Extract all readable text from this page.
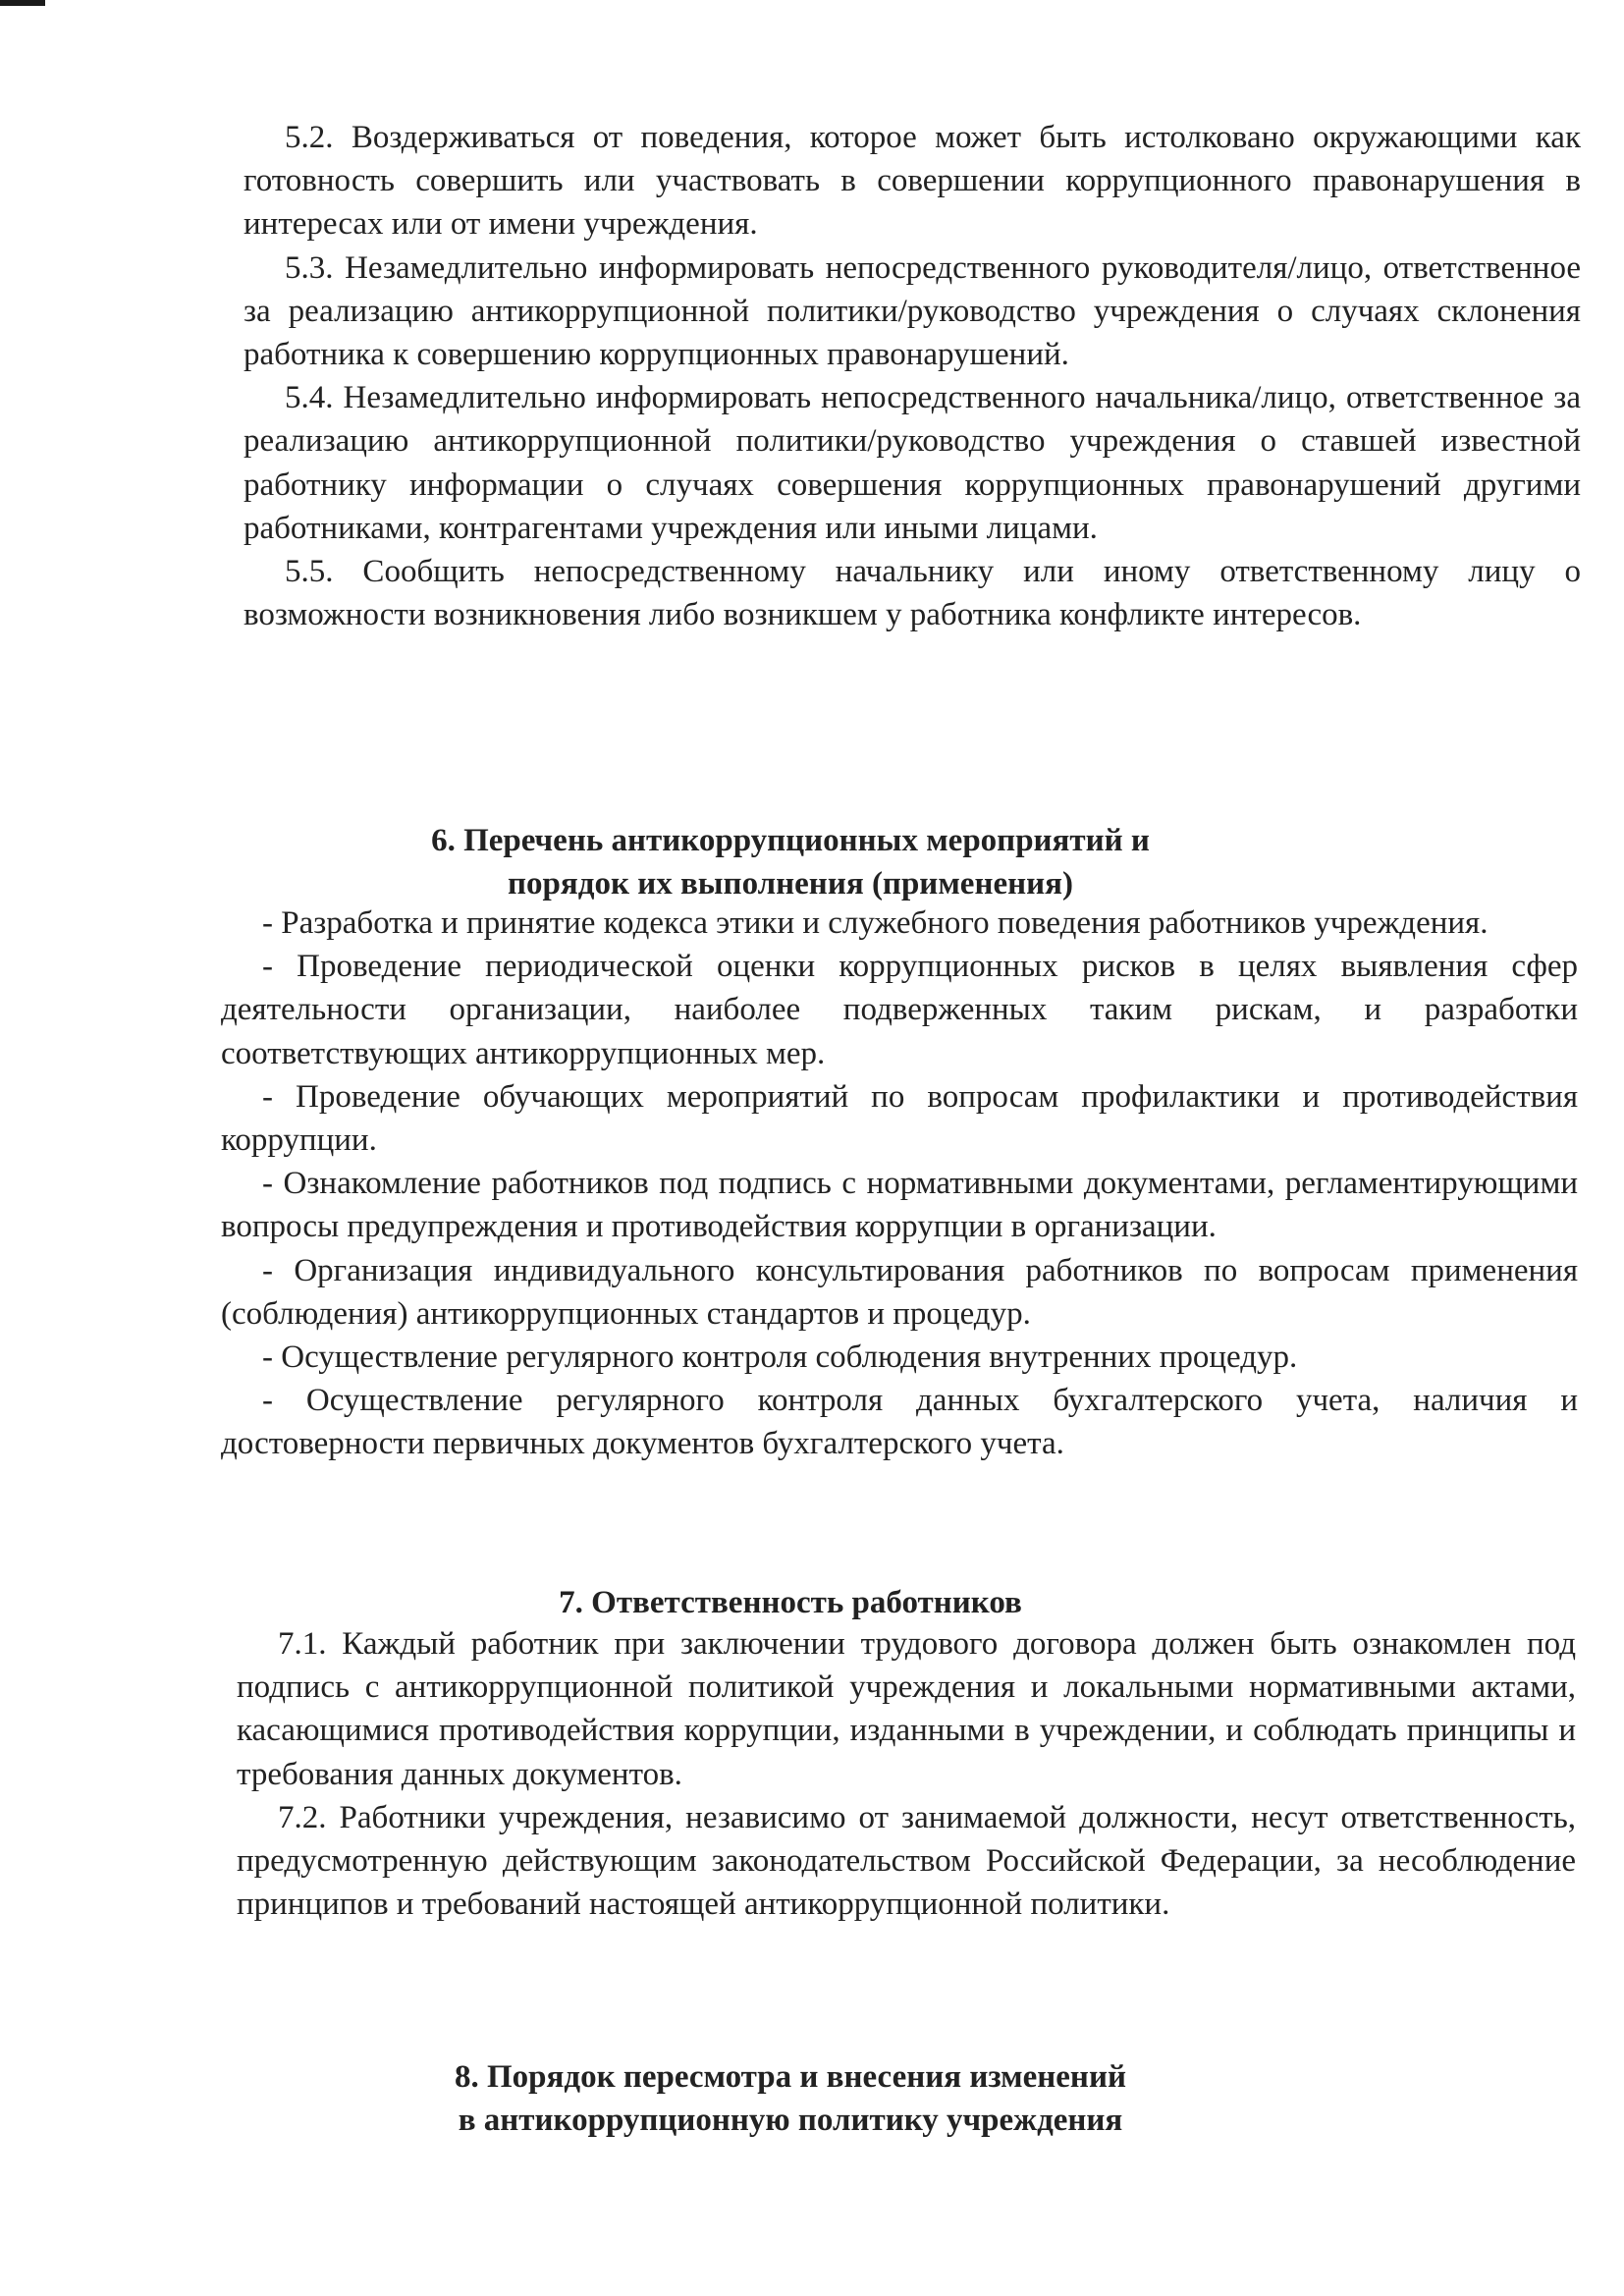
5.2. Воздерживаться от поведения, которое может быть истолковано окружающими как готовность совершить или участвовать в совершении коррупционного правонарушения в интересах или от имени учреждения.

5.3. Незамедлительно информировать непосредственного руководителя/лицо, ответственное за реализацию антикоррупционной политики/руководство учреждения о случаях склонения работника к совершению коррупционных правонарушений.

5.4. Незамедлительно информировать непосредственного начальника/лицо, ответственное за реализацию антикоррупционной политики/руководство учреждения о ставшей известной работнику информации о случаях совершения коррупционных правонарушений другими работниками, контрагентами учреждения или иными лицами.

5.5. Сообщить непосредственному начальнику или иному ответственному лицу о возможности возникновения либо возникшем у работника конфликте интересов.

6. Перечень антикоррупционных мероприятий и
порядок их выполнения (применения)

- Разработка и принятие кодекса этики и служебного поведения работников учреждения.

- Проведение периодической оценки коррупционных рисков в целях выявления сфер деятельности организации, наиболее подверженных таким рискам, и разработки соответствующих антикоррупционных мер.

- Проведение обучающих мероприятий по вопросам профилактики и противодействия коррупции.

- Ознакомление работников под подпись с нормативными документами, регламентирующими вопросы предупреждения и противодействия коррупции в организации.

- Организация индивидуального консультирования работников по вопросам применения (соблюдения) антикоррупционных стандартов и процедур.

- Осуществление регулярного контроля соблюдения внутренних процедур.

- Осуществление регулярного контроля данных бухгалтерского учета, наличия и достоверности первичных документов бухгалтерского учета.

7. Ответственность работников

7.1. Каждый работник при заключении трудового договора должен быть ознакомлен под подпись с антикоррупционной политикой учреждения и локальными нормативными актами, касающимися противодействия коррупции, изданными в учреждении, и соблюдать принципы и требования данных документов.

7.2. Работники учреждения, независимо от занимаемой должности, несут ответственность, предусмотренную действующим законодательством Российской Федерации, за несоблюдение принципов и требований настоящей антикоррупционной политики.

8. Порядок пересмотра и внесения изменений
в антикоррупционную политику учреждения
